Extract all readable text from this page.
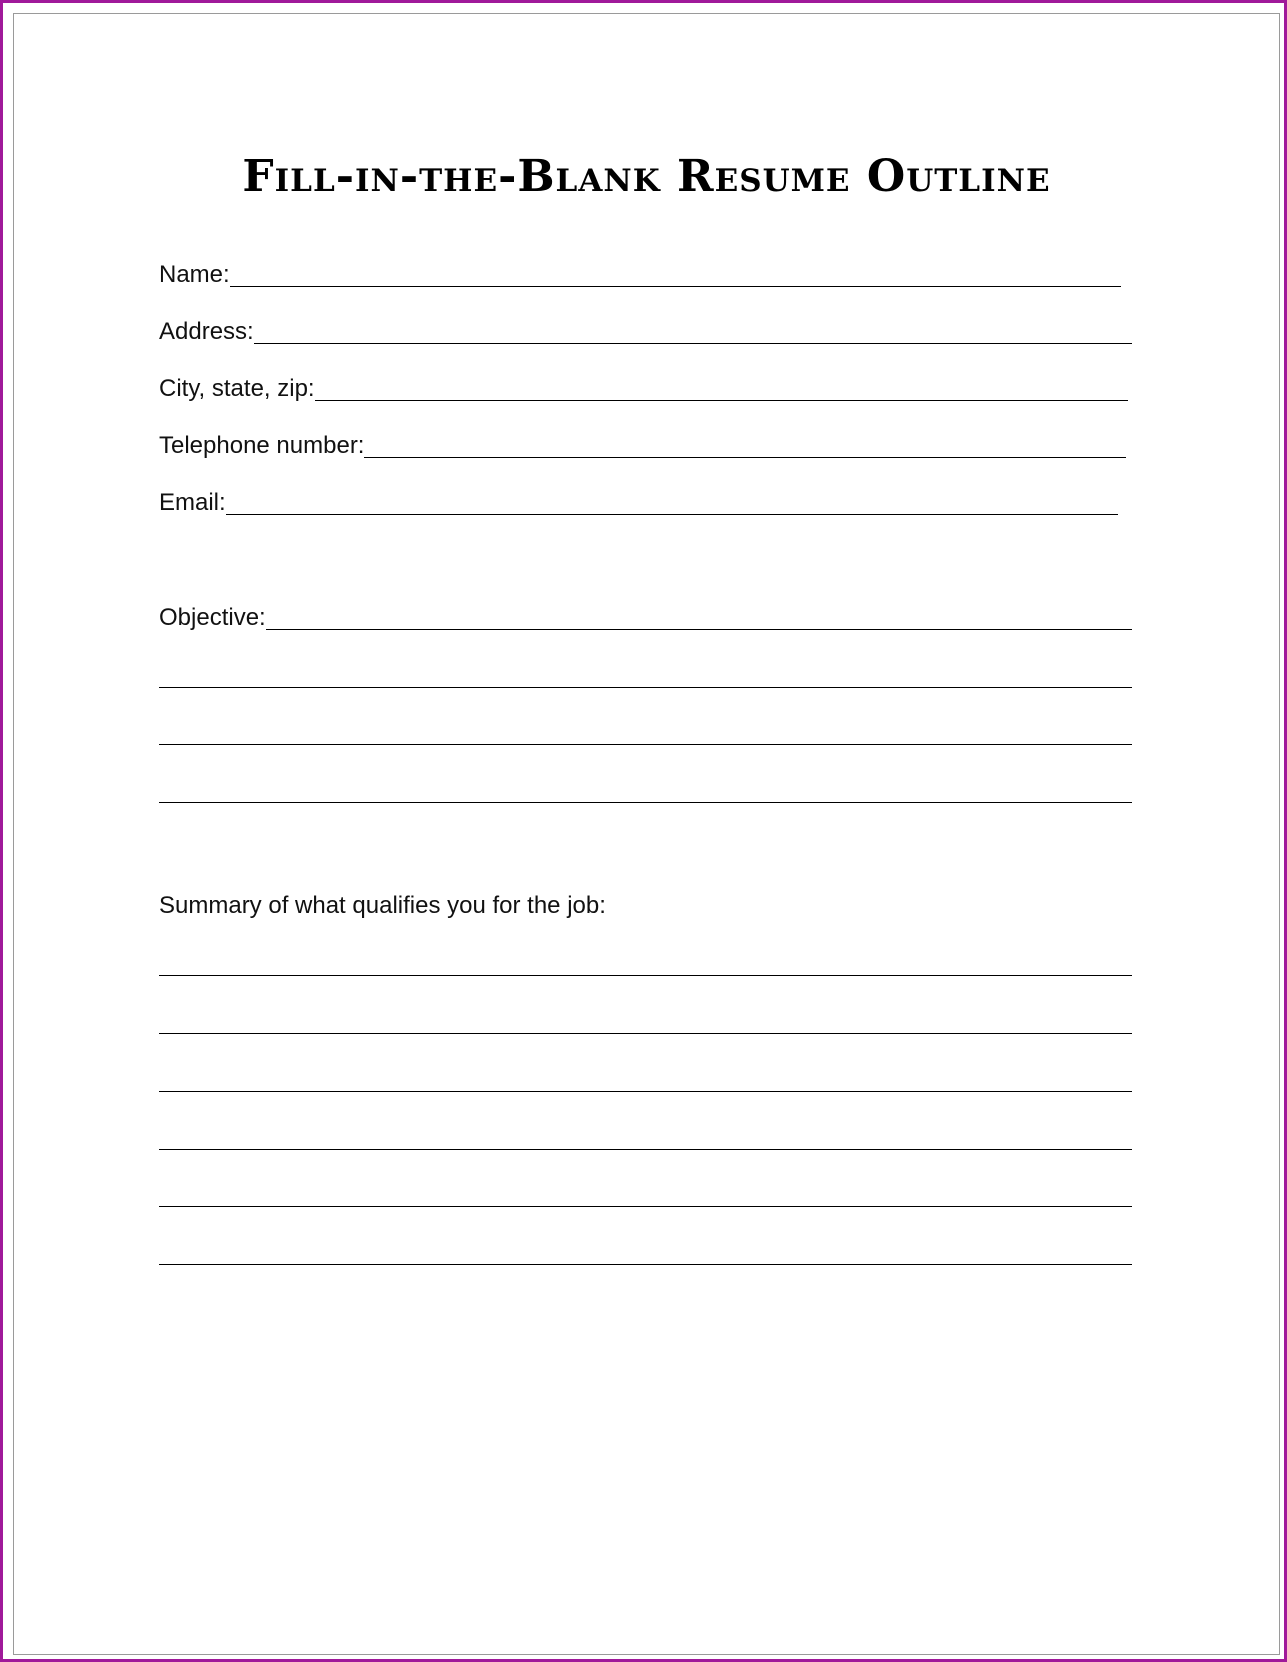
Fill-in-the-Blank Resume Outline
Name:
Address:
City, state, zip:
Telephone number:
Email:
Objective:
Summary of what qualifies you for the job:
